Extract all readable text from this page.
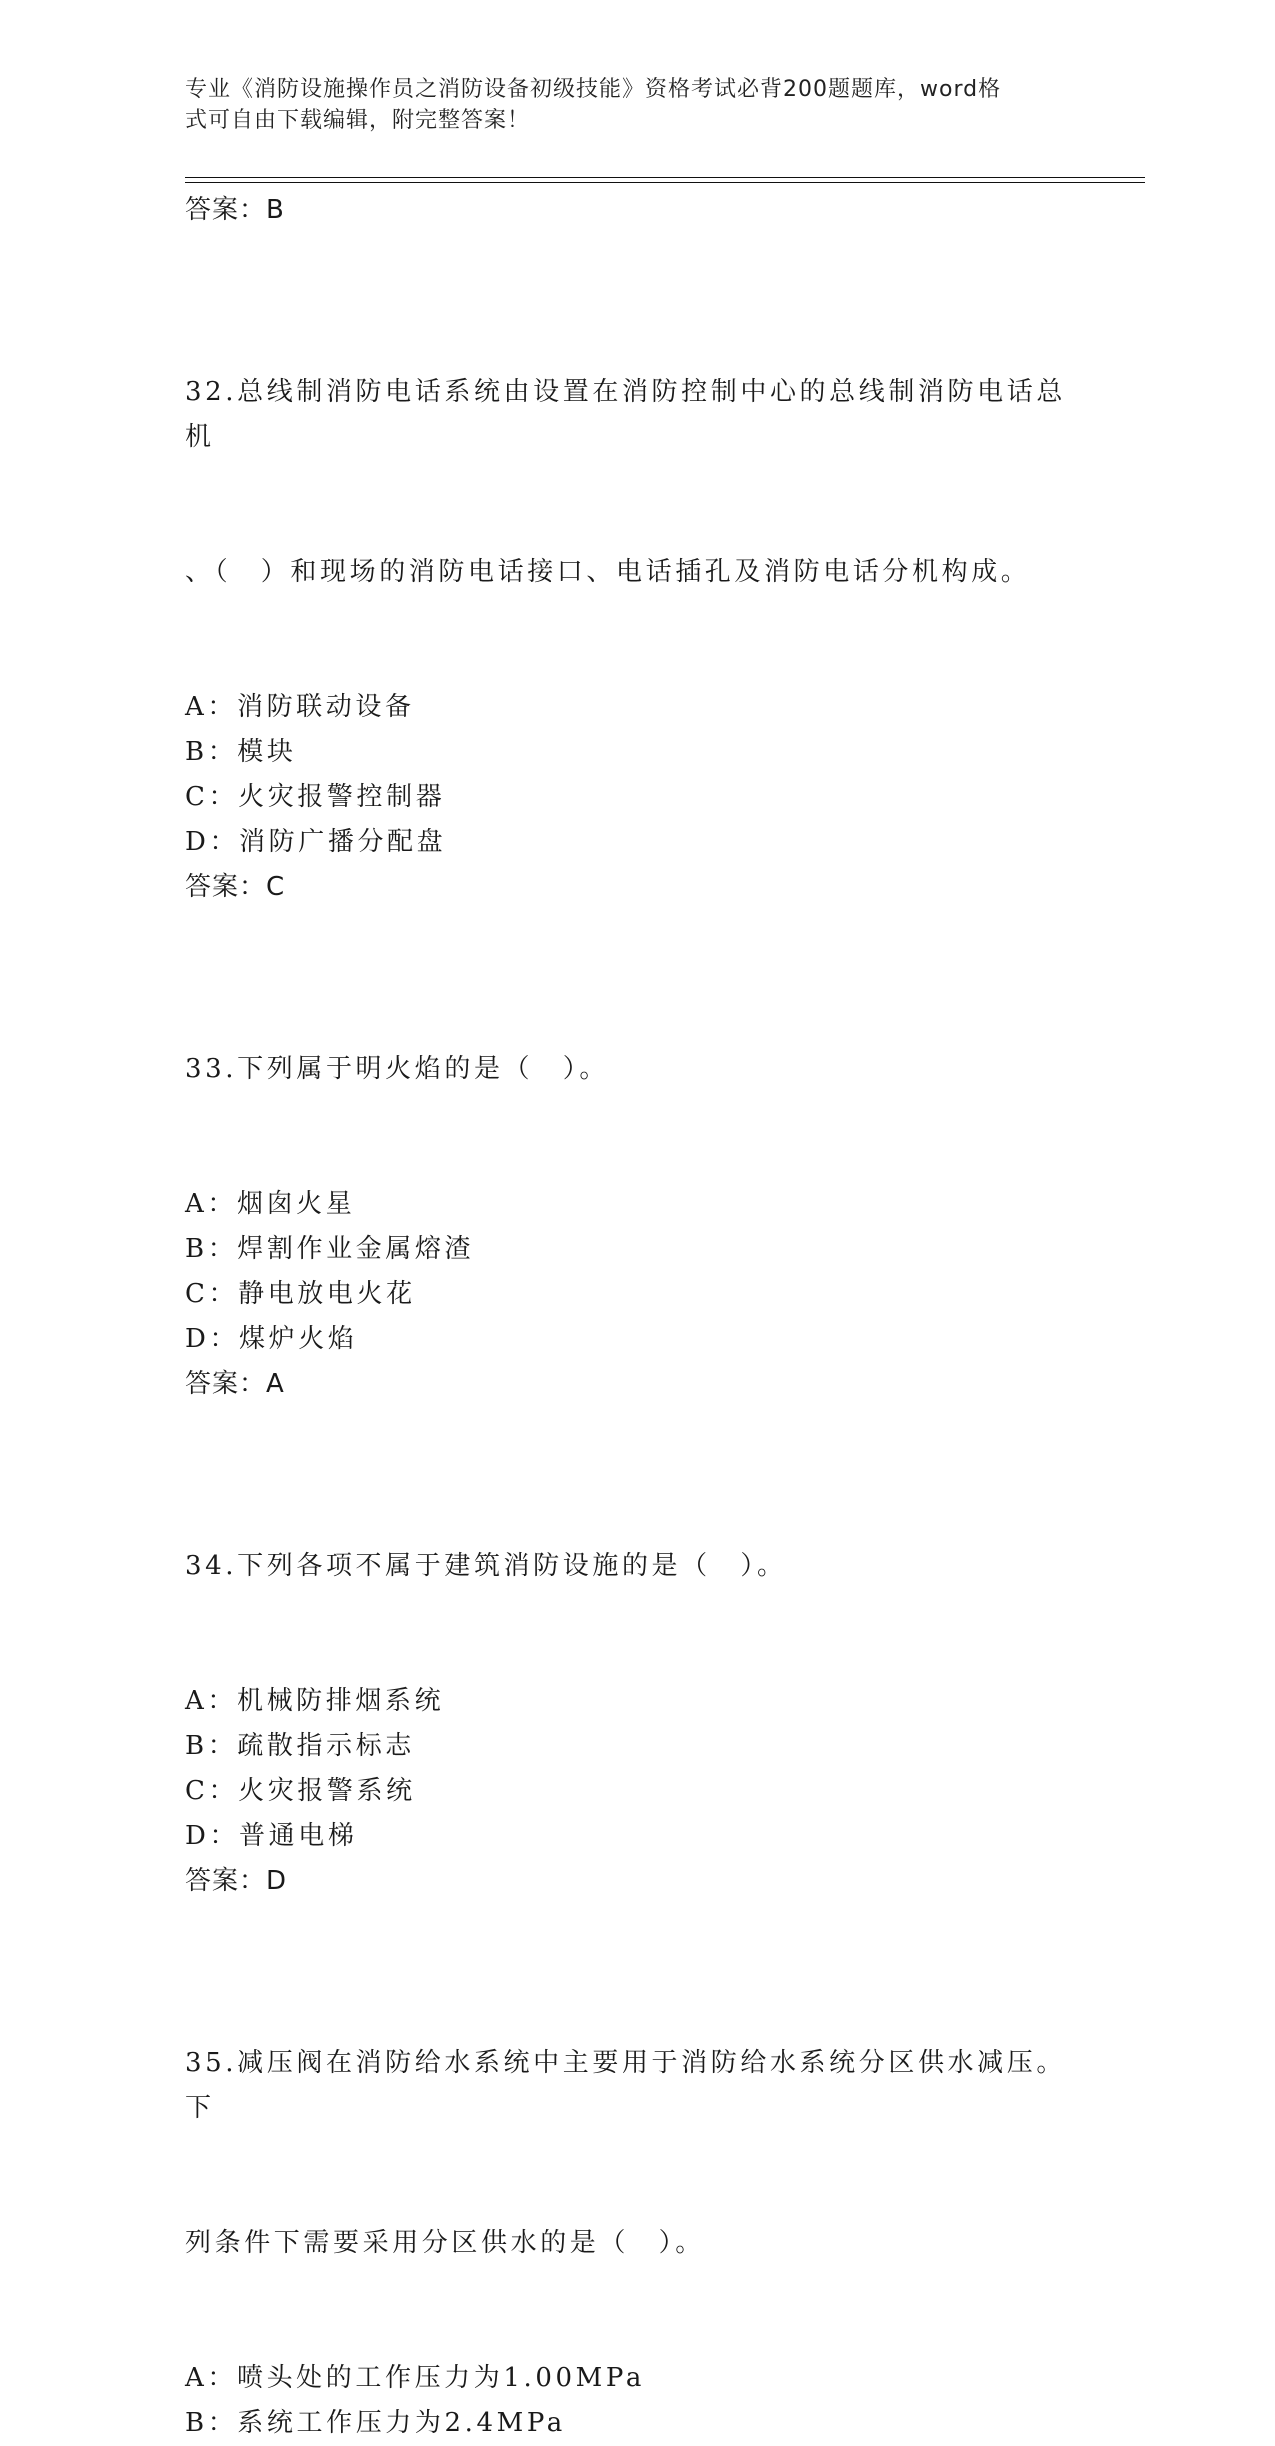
专业《消防设施操作员之消防设备初级技能》资格考试必背200题题库，word格
式可自由下载编辑，附完整答案！
答案：B

32.总线制消防电话系统由设置在消防控制中心的总线制消防电话总机

、（　）和现场的消防电话接口、电话插孔及消防电话分机构成。

A：消防联动设备
B：模块
C：火灾报警控制器
D：消防广播分配盘
答案：C

33.下列属于明火焰的是（　）。

A：烟囱火星
B：焊割作业金属熔渣
C：静电放电火花
D：煤炉火焰
答案：A

34.下列各项不属于建筑消防设施的是（　）。

A：机械防排烟系统
B：疏散指示标志
C：火灾报警系统
D：普通电梯
答案：D

35.减压阀在消防给水系统中主要用于消防给水系统分区供水减压。下

列条件下需要采用分区供水的是（　）。

A：喷头处的工作压力为1.00MPa
B：系统工作压力为2.4MPa
